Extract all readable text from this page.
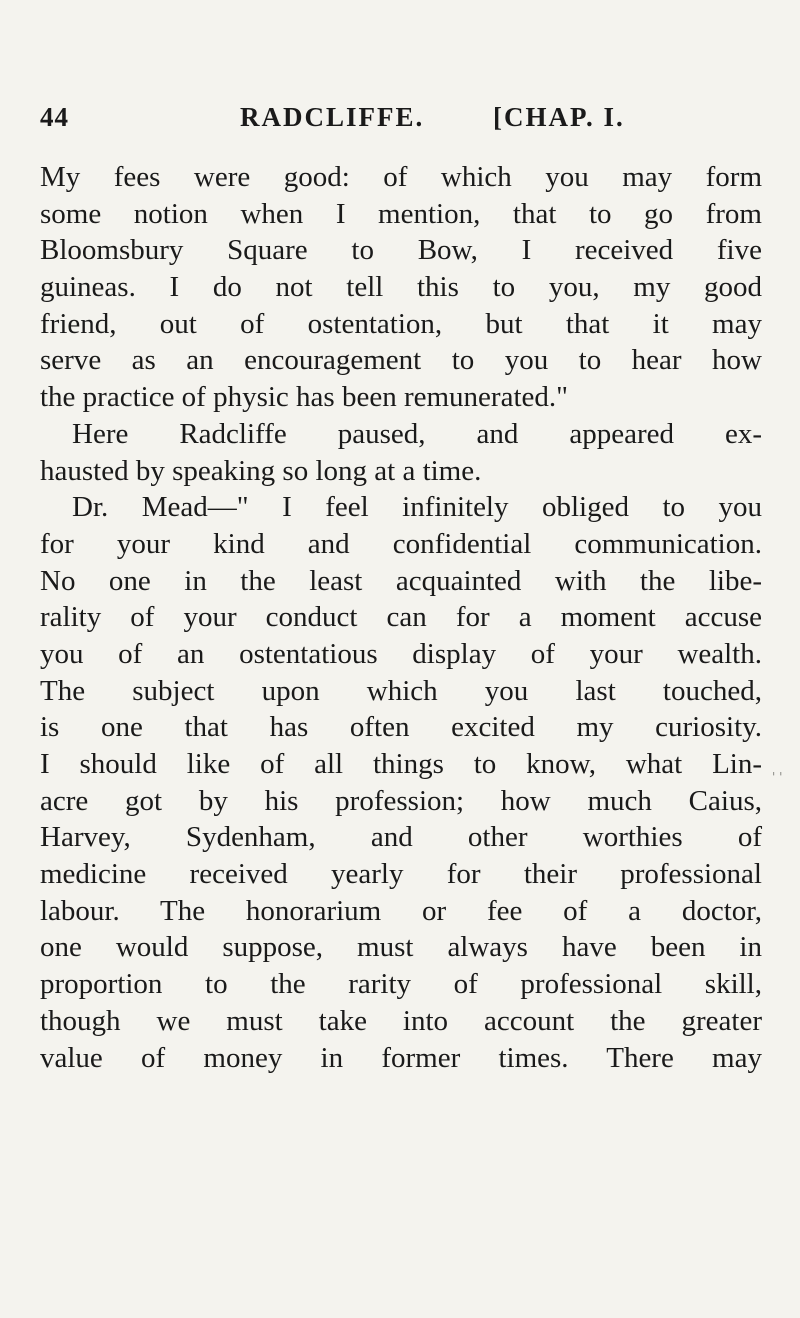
44	RADCLIFFE.	[CHAP. I.
My fees were good: of which you may form
some notion when I mention, that to go from
Bloomsbury Square to Bow, I received five
guineas. I do not tell this to you, my good
friend, out of ostentation, but that it may
serve as an encouragement to you to hear how
the practice of physic has been remunerated."
Here Radcliffe paused, and appeared ex-
hausted by speaking so long at a time.
Dr. Mead—" I feel infinitely obliged to you
for your kind and confidential communication.
No one in the least acquainted with the libe-
rality of your conduct can for a moment accuse
you of an ostentatious display of your wealth.
The subject upon which you last touched,
is one that has often excited my curiosity.
I should like of all things to know, what Lin-
acre got by his profession; how much Caius,
Harvey, Sydenham, and other worthies of
medicine received yearly for their professional
labour. The honorarium or fee of a doctor,
one would suppose, must always have been in
proportion to the rarity of professional skill,
though we must take into account the greater
value of money in former times. There may
' '
